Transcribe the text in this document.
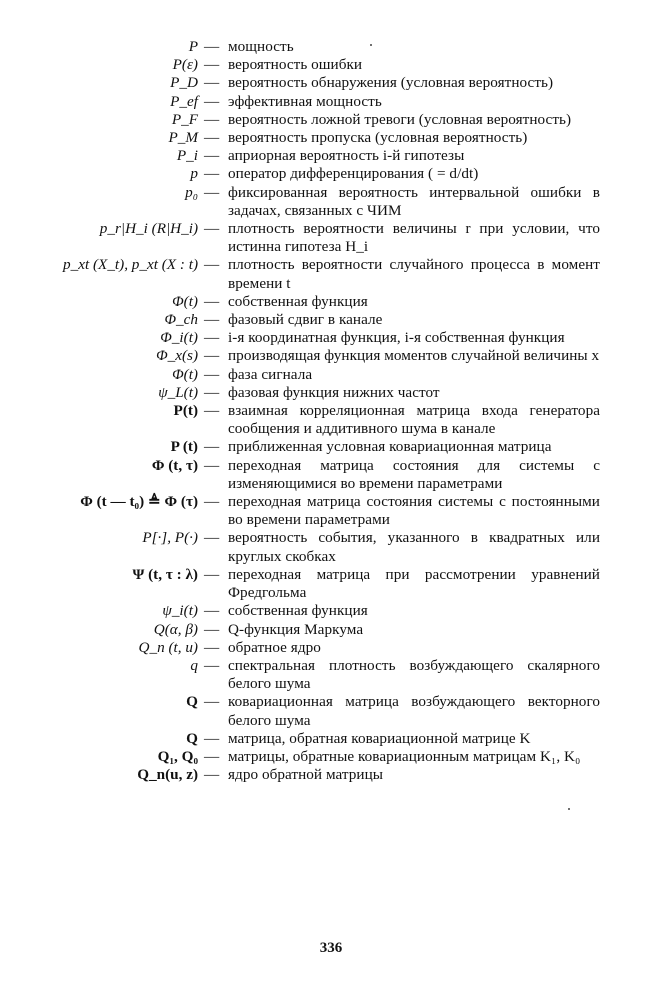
P — мощность
P(ε) — вероятность ошибки
P_D — вероятность обнаружения (условная вероятность)
P_ef — эффективная мощность
P_F — вероятность ложной тревоги (условная вероятность)
P_M — вероятность пропуска (условная вероятность)
P_i — априорная вероятность i-й гипотезы
p — оператор дифференцирования ( = d/dt)
p₀ — фиксированная вероятность интервальной ошибки в задачах, связанных с ЧИМ
p_r|H_i (R|H_i) — плотность вероятности величины r при условии, что истинна гипотеза H_i
p_xt (X_t), p_xt (X : t) — плотность вероятности случайного процесса в момент времени t
Φ(t) — собственная функция
Φ_ch — фазовый сдвиг в канале
Φ_i(t) — i-я координатная функция, i-я собственная функция
Φ_x(s) — производящая функция моментов случайной величины x
Φ(t) — фаза сигнала
ψ_L(t) — фазовая функция нижних частот
P(t) — взаимная корреляционная матрица входа генератора сообщения и аддитивного шума в канале
P (t) — приближенная условная ковариационная матрица
Φ (t, τ) — переходная матрица состояния для системы с изменяющимися во времени параметрами
Φ (t — t₀) ≜ Φ (τ) — переходная матрица состояния системы с постоянными во времени параметрами
P[·], P(·) — вероятность события, указанного в квадратных или круглых скобках
Ψ (t, τ : λ) — переходная матрица при рассмотрении уравнений Фредгольма
ψ_i(t) — собственная функция
Q(α, β) — Q-функция Маркума
Q_n (t, u) — обратное ядро
q — спектральная плотность возбуждающего скалярного белого шума
Q — ковариационная матрица возбуждающего векторного белого шума
Q — матрица, обратная ковариационной матрице K
Q₁, Q₀ — матрицы, обратные ковариационным матрицам K₁, K₀
Q_n(u, z) — ядро обратной матрицы
336
